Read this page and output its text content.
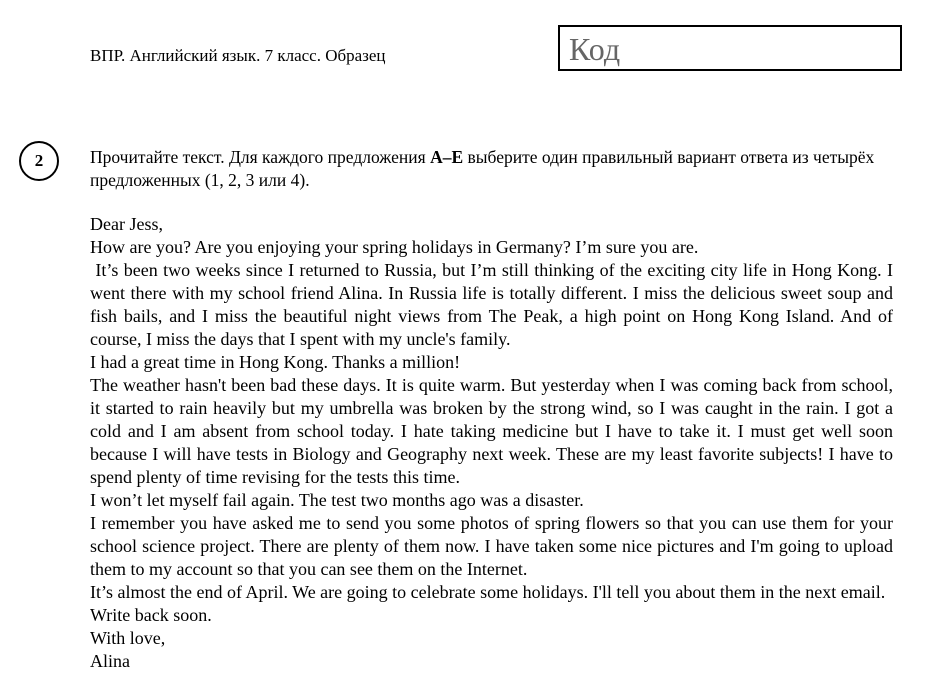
ВПР. Английский язык. 7 класс. Образец	Код
2	Прочитайте текст. Для каждого предложения А–Е выберите один правильный вариант ответа из четырёх предложенных (1, 2, 3 или 4).

Dear Jess,

How are you? Are you enjoying your spring holidays in Germany? I’m sure you are.

It’s been two weeks since I returned to Russia, but I’m still thinking of the exciting city life in Hong Kong. I went there with my school friend Alina. In Russia life is totally different. I miss the delicious sweet soup and fish bails, and I miss the beautiful night views from The Peak, a high point on Hong Kong Island. And of course, I miss the days that I spent with my uncle's family.

I had a great time in Hong Kong. Thanks a million!

The weather hasn't been bad these days. It is quite warm. But yesterday when I was coming back from school, it started to rain heavily but my umbrella was broken by the strong wind, so I was caught in the rain. I got a cold and I am absent from school today. I hate taking medicine but I have to take it. I must get well soon because I will have tests in Biology and Geography next week. These are my least favorite subjects! I have to spend plenty of time revising for the tests this time.

I won’t let myself fail again. The test two months ago was a disaster.

I remember you have asked me to send you some photos of spring flowers so that you can use them for your school science project. There are plenty of them now. I have taken some nice pictures and I'm going to upload them to my account so that you can see them on the Internet.

It’s almost the end of April. We are going to celebrate some holidays. I'll tell you about them in the next email.

Write back soon.

With love,

Alina
